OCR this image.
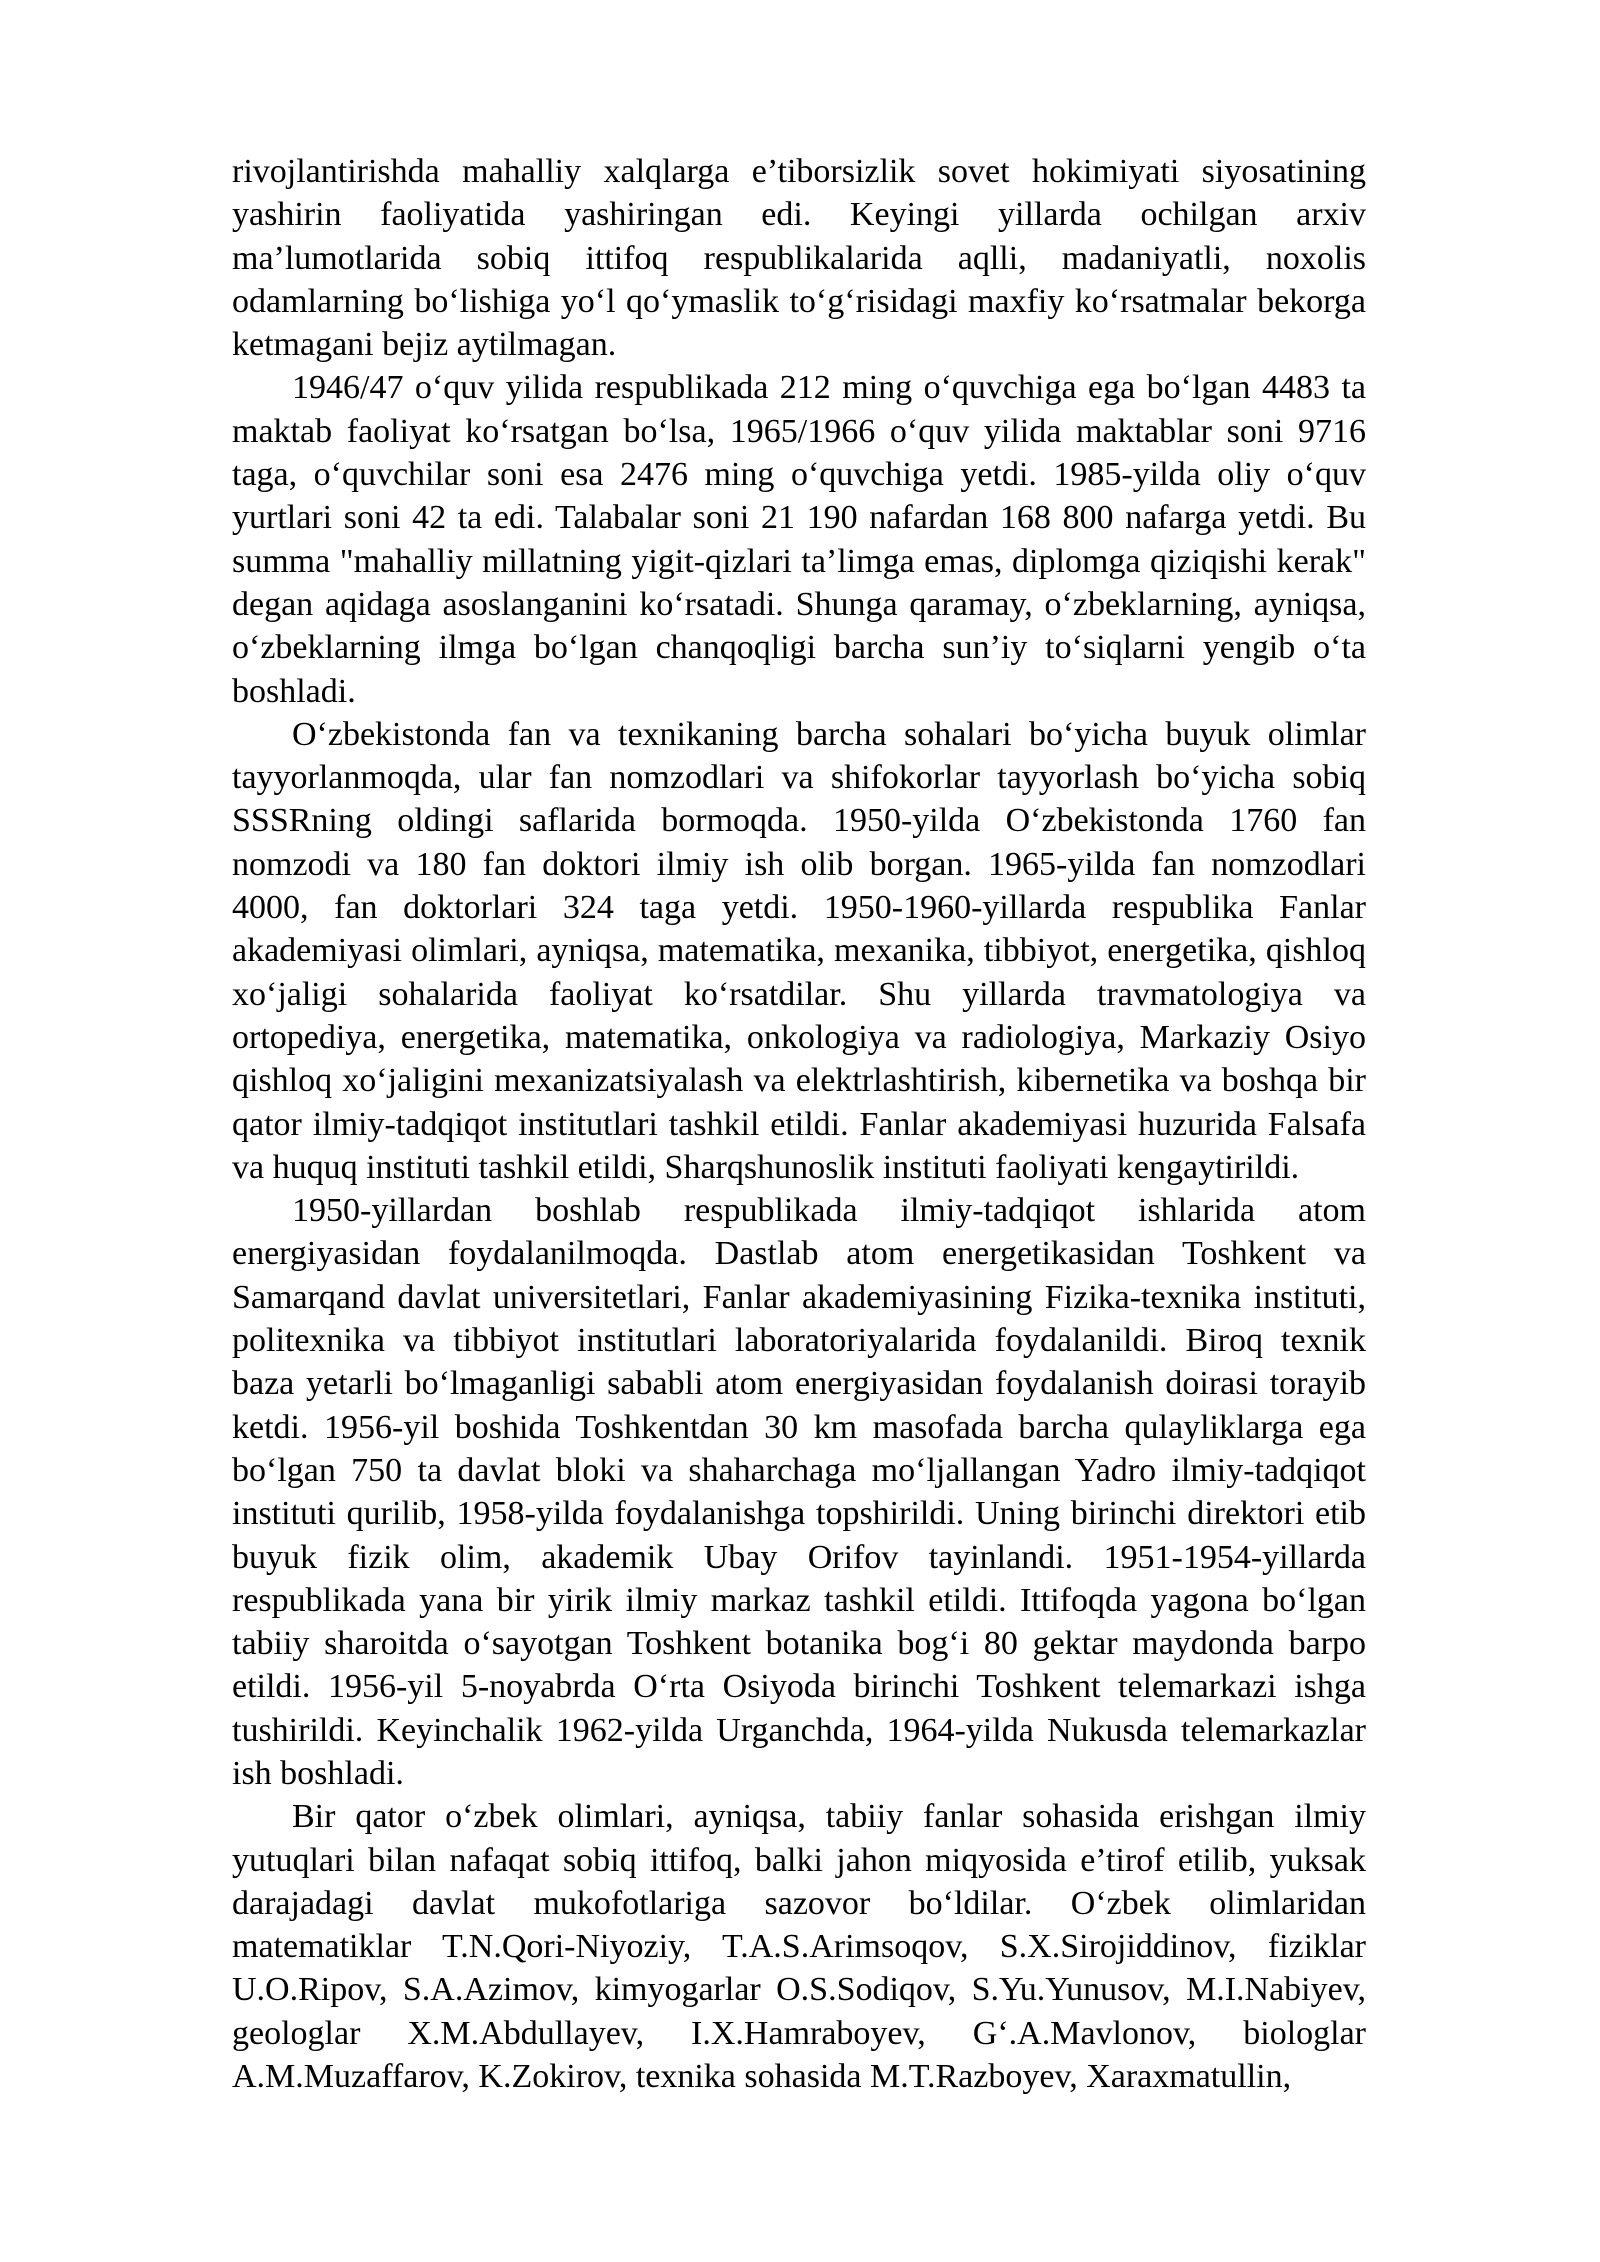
rivojlantirishda mahalliy xalqlarga e’tiborsizlik sovet hokimiyati siyosatining yashirin faoliyatida yashiringan edi. Keyingi yillarda ochilgan arxiv ma’lumotlarida sobiq ittifoq respublikalarida aqlli, madaniyatli, noxolis odamlarning bo‘lishiga yo‘l qo‘ymaslik to‘g‘risidagi maxfiy ko‘rsatmalar bekorga ketmagani bejiz aytilmagan.

1946/47 o‘quv yilida respublikada 212 ming o‘quvchiga ega bo‘lgan 4483 ta maktab faoliyat ko‘rsatgan bo‘lsa, 1965/1966 o‘quv yilida maktablar soni 9716 taga, o‘quvchilar soni esa 2476 ming o‘quvchiga yetdi. 1985-yilda oliy o‘quv yurtlari soni 42 ta edi. Talabalar soni 21 190 nafardan 168 800 nafarga yetdi. Bu summa "mahalliy millatning yigit-qizlari ta’limga emas, diplomga qiziqishi kerak" degan aqidaga asoslanganini ko‘rsatadi. Shunga qaramay, o‘zbeklarning, ayniqsa, o‘zbeklarning ilmga bo‘lgan chanqoqligi barcha sun’iy to‘siqlarni yengib o‘ta boshladi.

O‘zbekistonda fan va texnikaning barcha sohalari bo‘yicha buyuk olimlar tayyorlanmoqda, ular fan nomzodlari va shifokorlar tayyorlash bo‘yicha sobiq SSSRning oldingi saflarida bormoqda. 1950-yilda O‘zbekistonda 1760 fan nomzodi va 180 fan doktori ilmiy ish olib borgan. 1965-yilda fan nomzodlari 4000, fan doktorlari 324 taga yetdi. 1950-1960-yillarda respublika Fanlar akademiyasi olimlari, ayniqsa, matematika, mexanika, tibbiyot, energetika, qishloq xo‘jaligi sohalarida faoliyat ko‘rsatdilar. Shu yillarda travmatologiya va ortopediya, energetika, matematika, onkologiya va radiologiya, Markaziy Osiyo qishloq xo‘jaligini mexanizatsiyalash va elektrlashtirish, kibernetika va boshqa bir qator ilmiy-tadqiqot institutlari tashkil etildi. Fanlar akademiyasi huzurida Falsafa va huquq instituti tashkil etildi, Sharqshunoslik instituti faoliyati kengaytirildi.

1950-yillardan boshlab respublikada ilmiy-tadqiqot ishlarida atom energiyasidan foydalanilmoqda. Dastlab atom energetikasidan Toshkent va Samarqand davlat universitetlari, Fanlar akademiyasining Fizika-texnika instituti, politexnika va tibbiyot institutlari laboratoriyalarida foydalanildi. Biroq texnik baza yetarli bo‘lmaganligi sababli atom energiyasidan foydalanish doirasi torayib ketdi. 1956-yil boshida Toshkentdan 30 km masofada barcha qulayliklarga ega bo‘lgan 750 ta davlat bloki va shaharchaga mo‘ljallangan Yadro ilmiy-tadqiqot instituti qurilib, 1958-yilda foydalanishga topshirildi. Uning birinchi direktori etib buyuk fizik olim, akademik Ubay Orifov tayinlandi. 1951-1954-yillarda respublikada yana bir yirik ilmiy markaz tashkil etildi. Ittifoqda yagona bo‘lgan tabiiy sharoitda o‘sayotgan Toshkent botanika bog‘i 80 gektar maydonda barpo etildi. 1956-yil 5-noyabrda O‘rta Osiyoda birinchi Toshkent telemarkazi ishga tushirildi. Keyinchalik 1962-yilda Urganchda, 1964-yilda Nukusda telemarkazlar ish boshladi.

Bir qator o‘zbek olimlari, ayniqsa, tabiiy fanlar sohasida erishgan ilmiy yutuqlari bilan nafaqat sobiq ittifoq, balki jahon miqyosida e’tirof etilib, yuksak darajadagi davlat mukofotlariga sazovor bo‘ldilar. O‘zbek olimlaridan matematiklar T.N.Qori-Niyoziy, T.A.S.Arimsoqov, S.X.Sirojiddinov, fiziklar U.O.Ripov, S.A.Azimov, kimyogarlar O.S.Sodiqov, S.Yu.Yunusov, M.I.Nabiyev, geologlar X.M.Abdullayev, I.X.Hamraboyev, G‘.A.Mavlonov, biologlar A.M.Muzaffarov, K.Zokirov, texnika sohasida M.T.Razboyev, Xaraxmatullin,
